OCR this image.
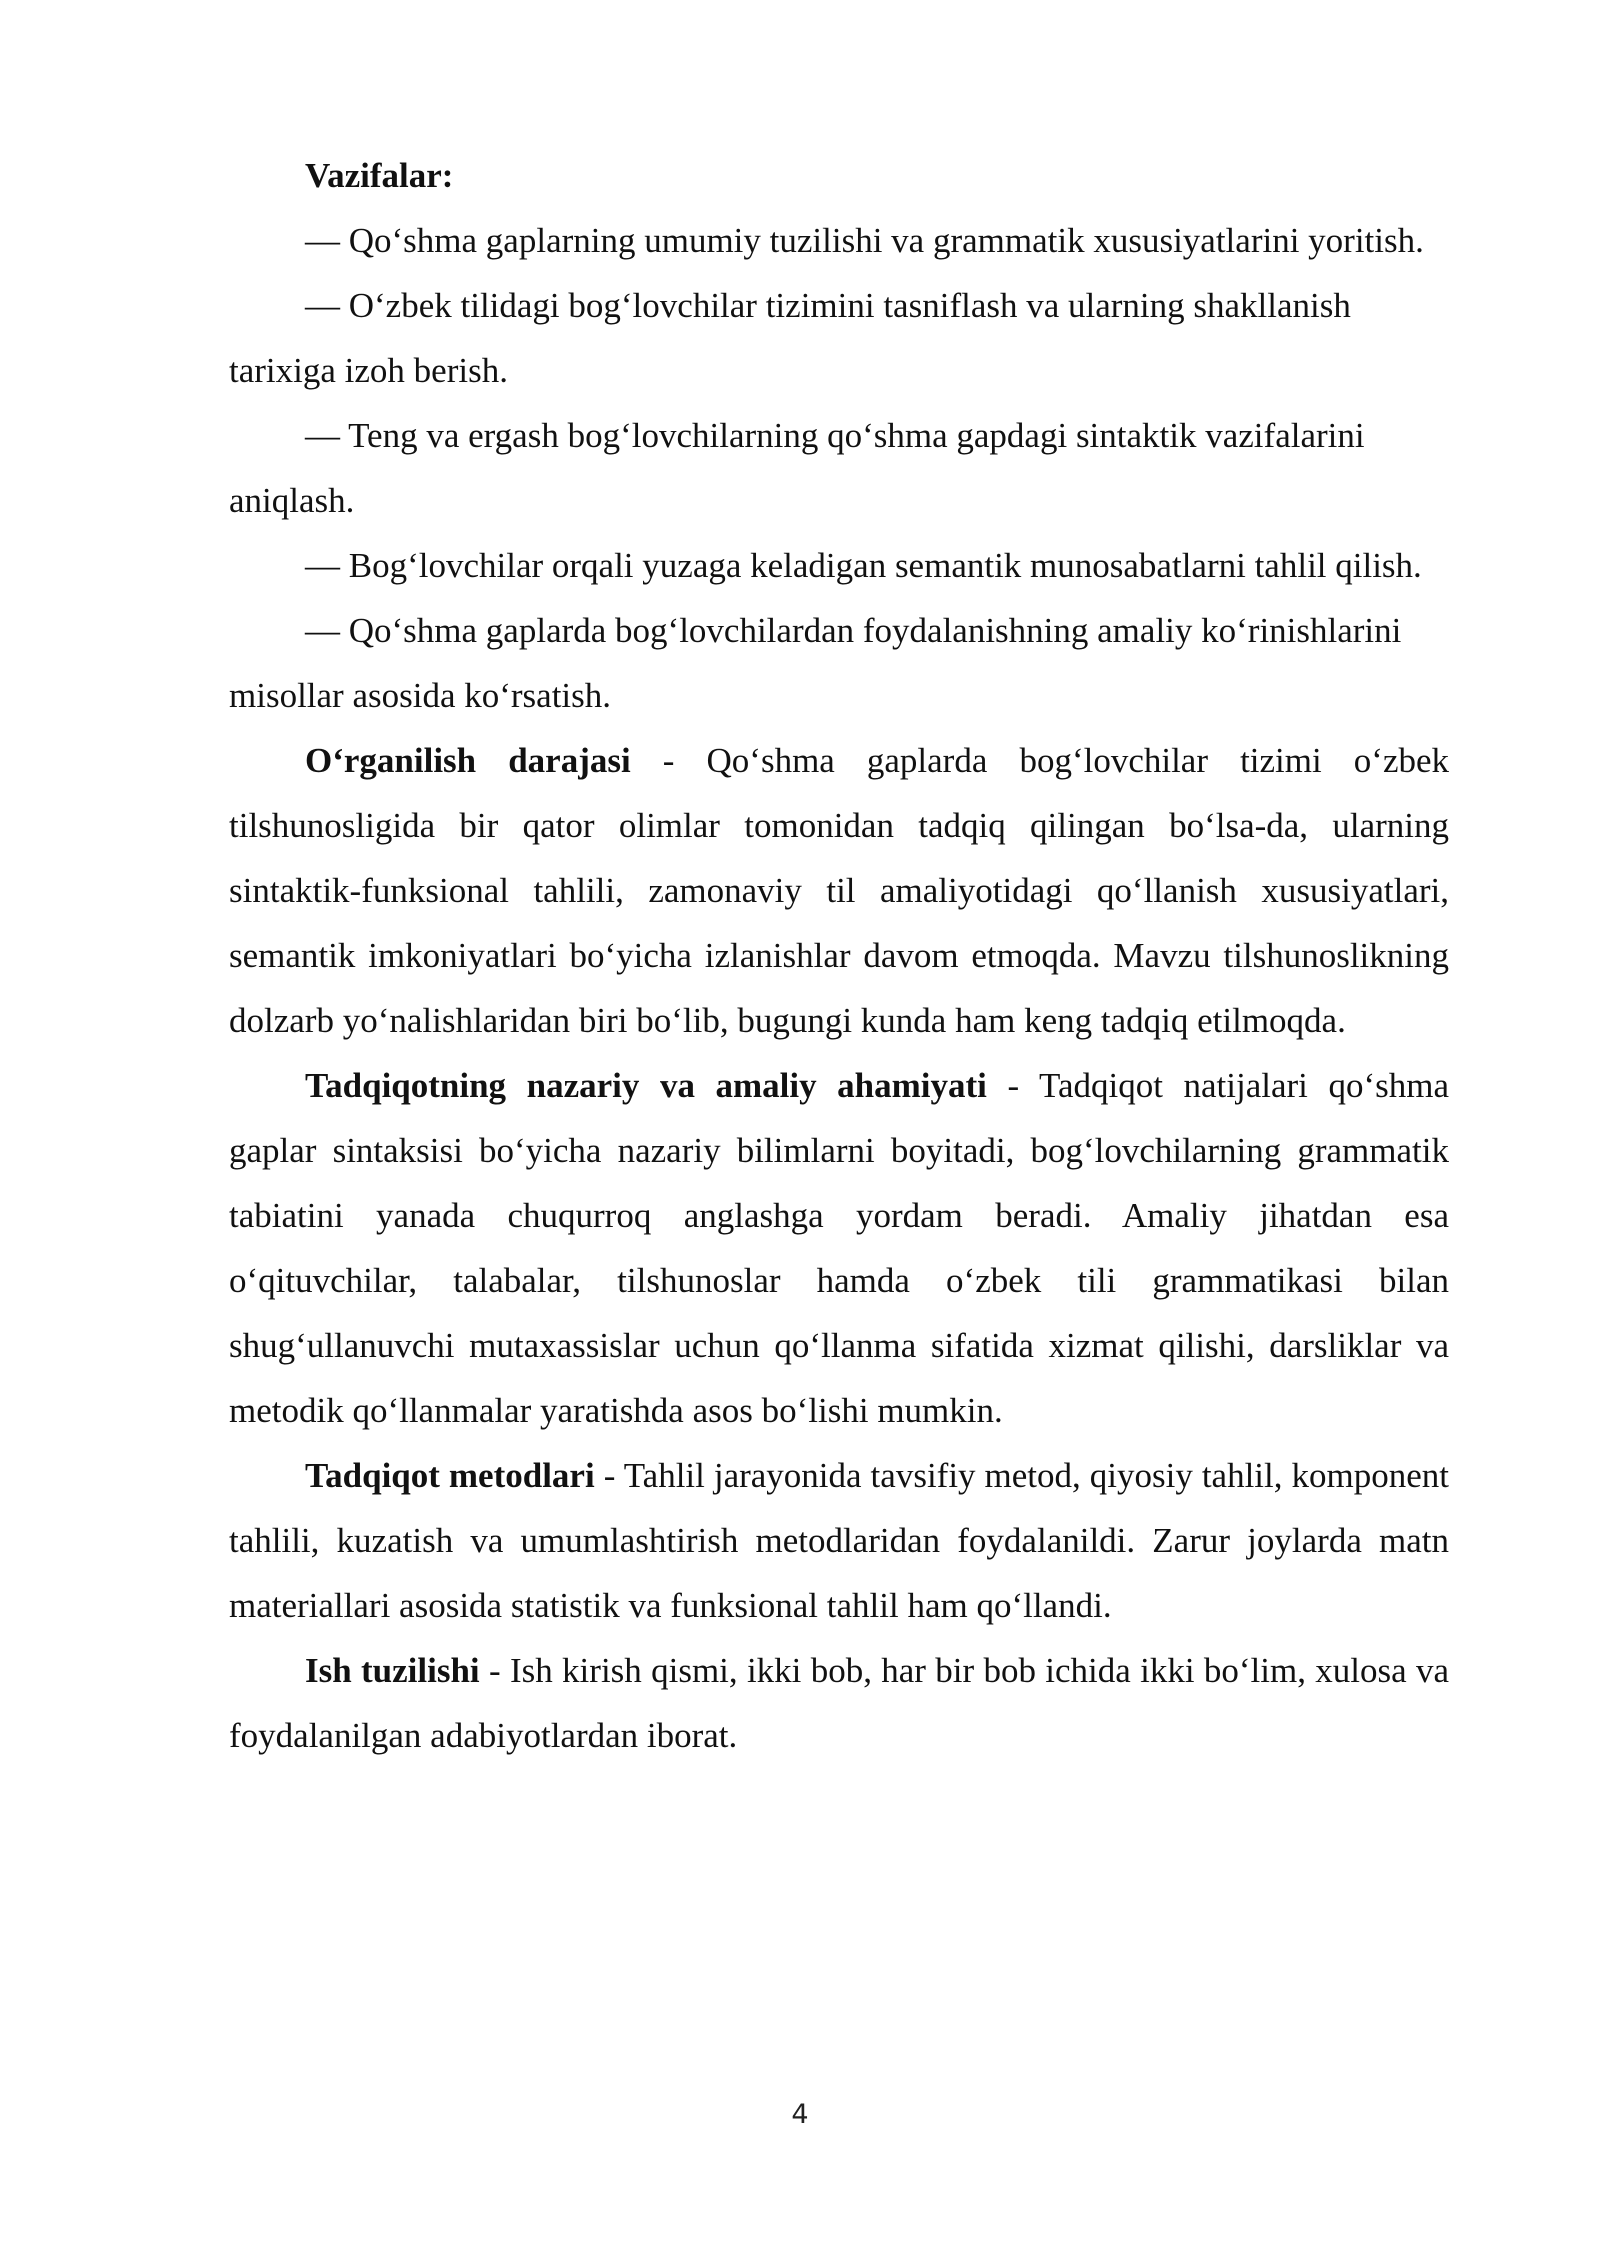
Vazifalar:

— Qo‘shma gaplarning umumiy tuzilishi va grammatik xususiyatlarini yoritish.

— O‘zbek tilidagi bog‘lovchilar tizimini tasniflash va ularning shakllanish tarixiga izoh berish.

— Teng va ergash bog‘lovchilarning qo‘shma gapdagi sintaktik vazifalarini aniqlash.

— Bog‘lovchilar orqali yuzaga keladigan semantik munosabatlarni tahlil qilish.

— Qo‘shma gaplarda bog‘lovchilardan foydalanishning amaliy ko‘rinishlarini misollar asosida ko‘rsatish.

O‘rganilish darajasi - Qo‘shma gaplarda bog‘lovchilar tizimi o‘zbek tilshunosligida bir qator olimlar tomonidan tadqiq qilingan bo‘lsa-da, ularning sintaktik-funksional tahlili, zamonaviy til amaliyotidagi qo‘llanish xususiyatlari, semantik imkoniyatlari bo‘yicha izlanishlar davom etmoqda. Mavzu tilshunoslikning dolzarb yo‘nalishlaridan biri bo‘lib, bugungi kunda ham keng tadqiq etilmoqda.

Tadqiqotning nazariy va amaliy ahamiyati - Tadqiqot natijalari qo‘shma gaplar sintaksisi bo‘yicha nazariy bilimlarni boyitadi, bog‘lovchilarning grammatik tabiatini yanada chuqurroq anglashga yordam beradi. Amaliy jihatdan esa o‘qituvchilar, talabalar, tilshunoslar hamda o‘zbek tili grammatikasi bilan shug‘ullanuvchi mutaxassislar uchun qo‘llanma sifatida xizmat qilishi, darsliklar va metodik qo‘llanmalar yaratishda asos bo‘lishi mumkin.

Tadqiqot metodlari - Tahlil jarayonida tavsifiy metod, qiyosiy tahlil, komponent tahlili, kuzatish va umumlashtirish metodlaridan foydalanildi. Zarur joylarda matn materiallari asosida statistik va funksional tahlil ham qo‘llandi.

Ish tuzilishi - Ish kirish qismi, ikki bob, har bir bob ichida ikki bo‘lim, xulosa va foydalanilgan adabiyotlardan iborat.

4
